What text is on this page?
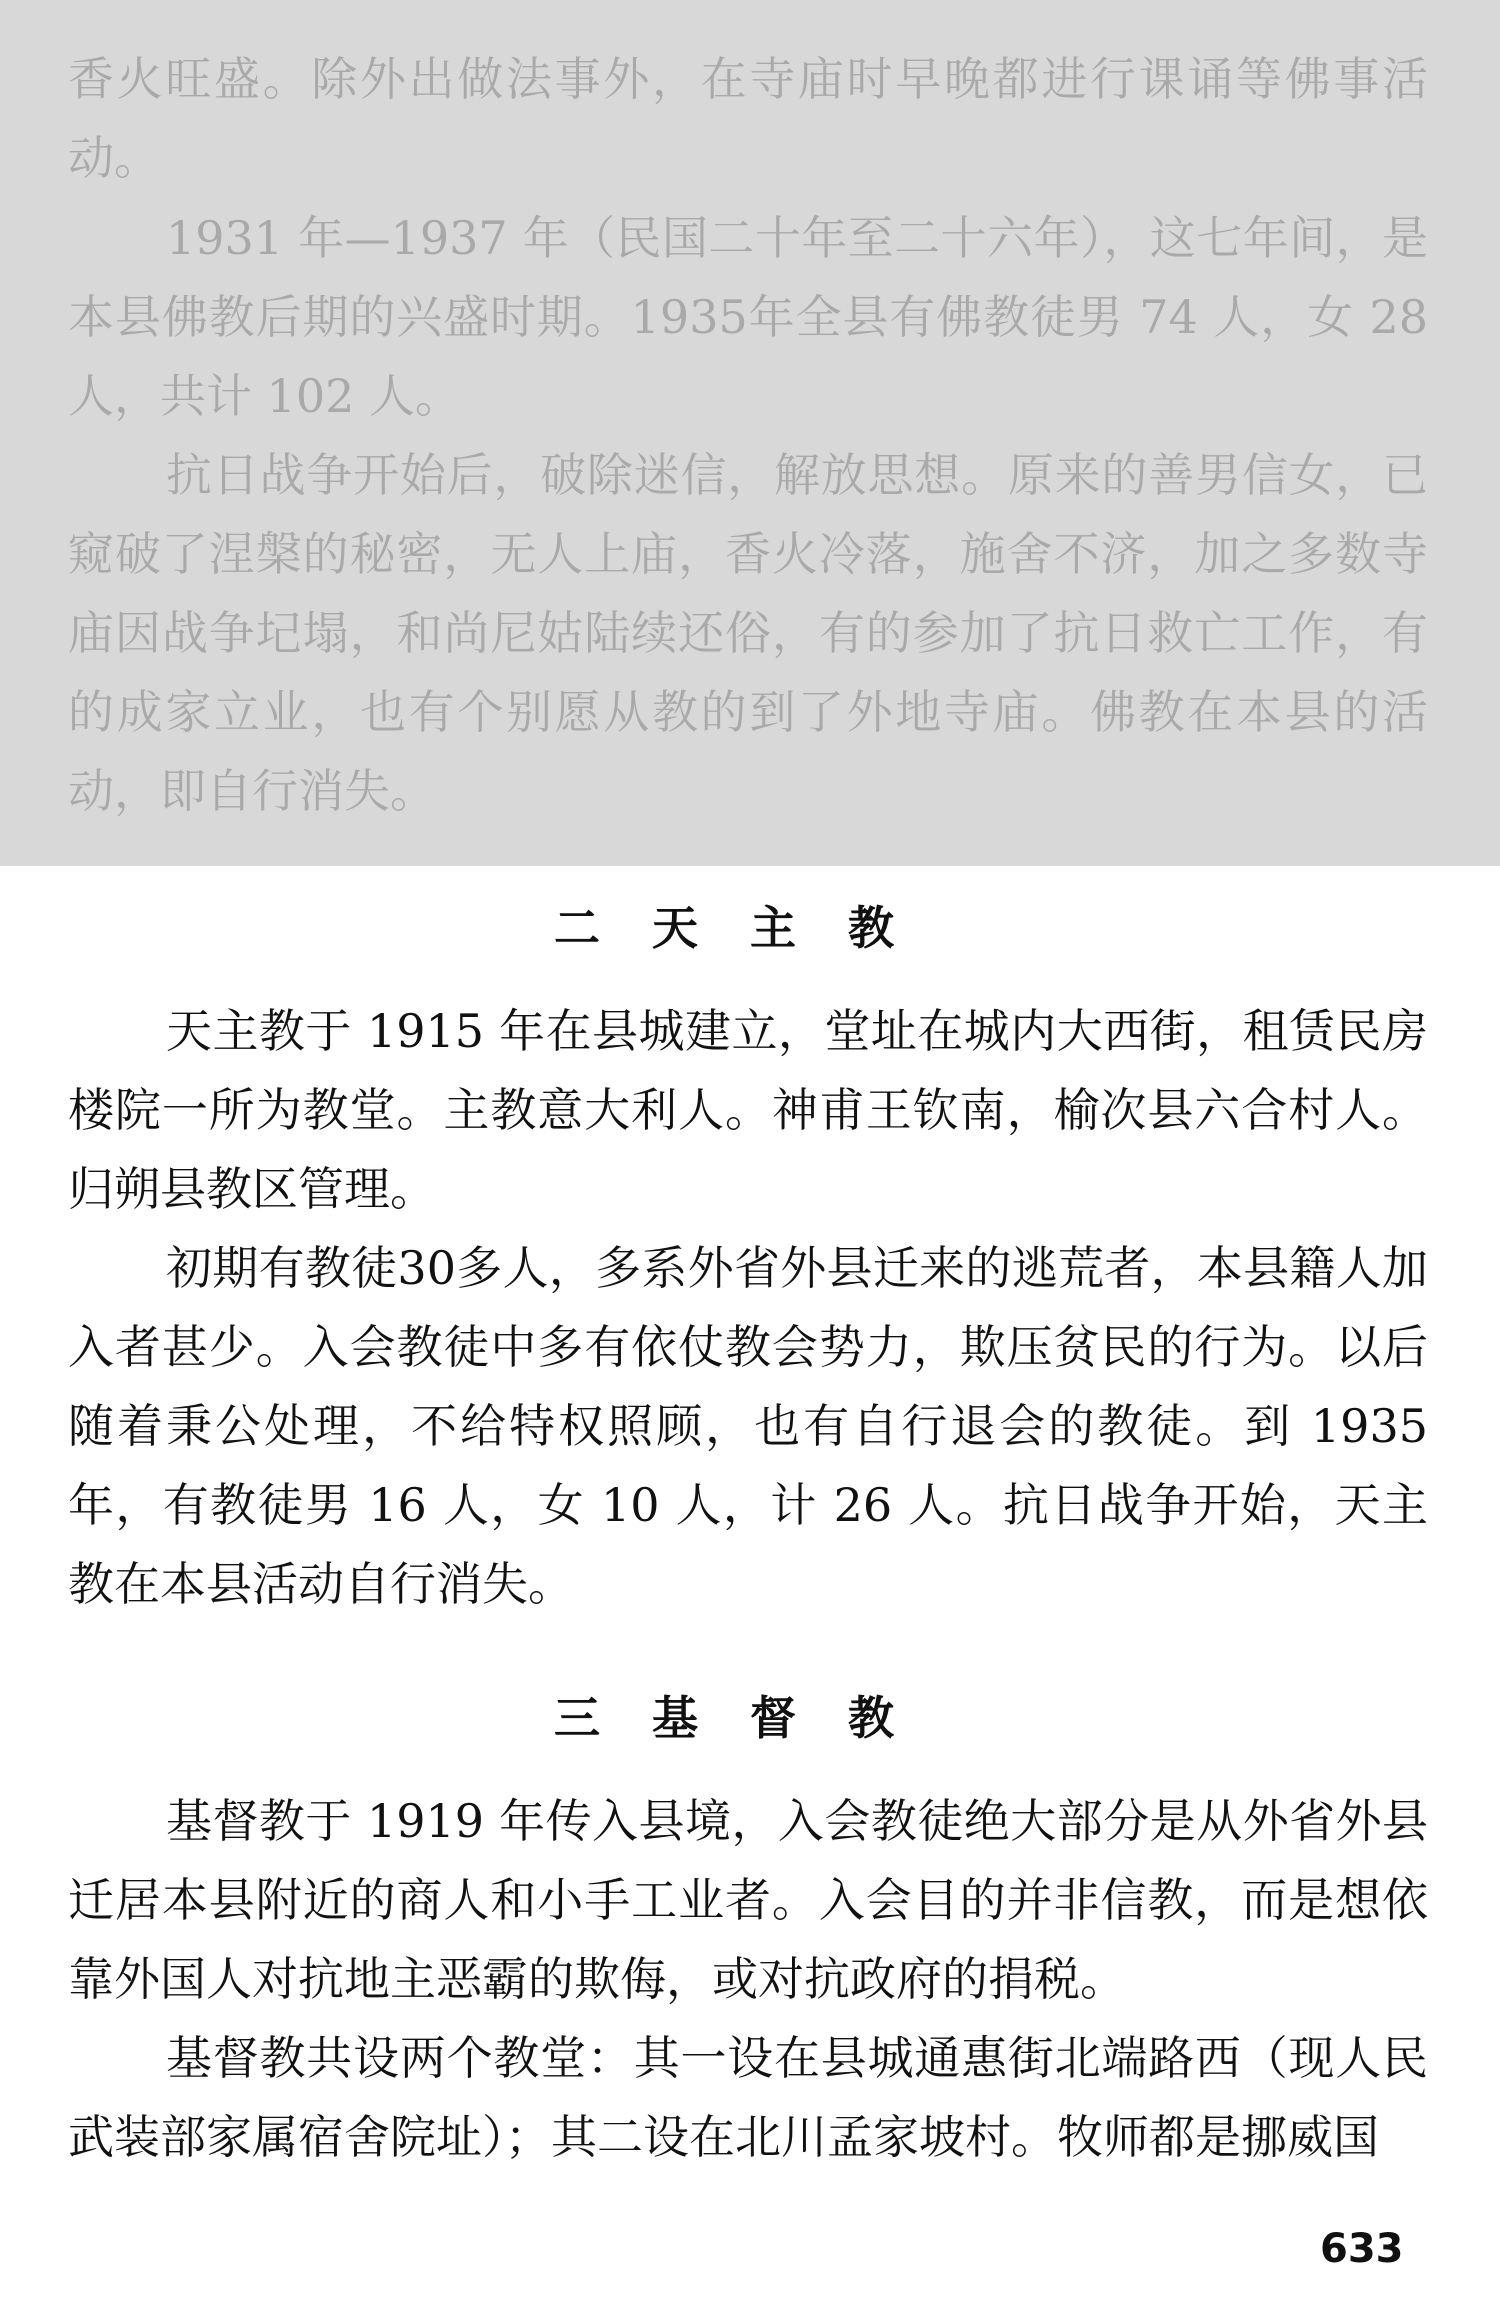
香火旺盛。除外出做法事外，在寺庙时早晚都进行课诵等佛事活动。

1931 年—1937 年（民国二十年至二十六年），这七年间，是本县佛教后期的兴盛时期。1935年全县有佛教徒男 74 人，女 28 人，共计 102 人。

抗日战争开始后，破除迷信，解放思想。原来的善男信女，已窥破了涅槃的秘密，无人上庙，香火冷落，施舍不济，加之多数寺庙因战争圮塌，和尚尼姑陆续还俗，有的参加了抗日救亡工作，有的成家立业，也有个别愿从教的到了外地寺庙。佛教在本县的活动，即自行消失。

二天主教

天主教于 1915 年在县城建立，堂址在城内大西街，租赁民房楼院一所为教堂。主教意大利人。神甫王钦南，榆次县六合村人。归朔县教区管理。

初期有教徒30多人，多系外省外县迁来的逃荒者，本县籍人加入者甚少。入会教徒中多有依仗教会势力，欺压贫民的行为。以后随着秉公处理，不给特权照顾，也有自行退会的教徒。到 1935 年，有教徒男 16 人，女 10 人，计 26 人。抗日战争开始，天主教在本县活动自行消失。

三基督教

基督教于 1919 年传入县境，入会教徒绝大部分是从外省外县迁居本县附近的商人和小手工业者。入会目的并非信教，而是想依靠外国人对抗地主恶霸的欺侮，或对抗政府的捐税。

基督教共设两个教堂：其一设在县城通惠街北端路西（现人民武装部家属宿舍院址）；其二设在北川孟家坡村。牧师都是挪威国

633
